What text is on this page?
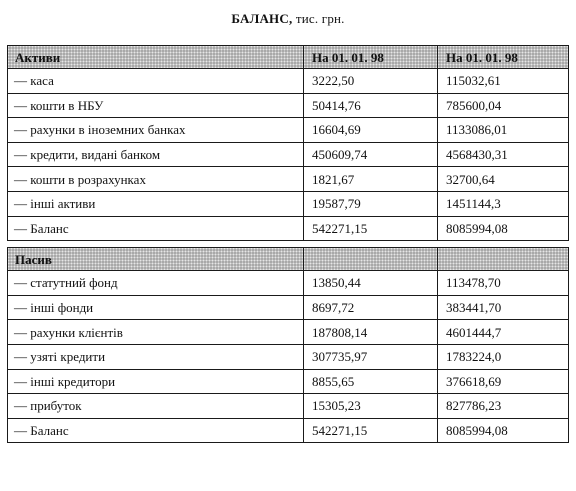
БАЛАНС, тис. грн.
Активи	На 01. 01. 98	На 01. 01. 98
— каса	3222,50	115032,61
— кошти в НБУ	50414,76	785600,04
— рахунки в іноземних банках	16604,69	1133086,01
— кредити, видані банком	450609,74	4568430,31
— кошти в розрахунках	1821,67	32700,64
— інші активи	19587,79	1451144,3
— Баланс	542271,15	8085994,08

Пасив		
— статутний фонд	13850,44	113478,70
— інші фонди	8697,72	383441,70
— рахунки клієнтів	187808,14	4601444,7
— узяті кредити	307735,97	1783224,0
— інші кредитори	8855,65	376618,69
— прибуток	15305,23	827786,23
— Баланс	542271,15	8085994,08
